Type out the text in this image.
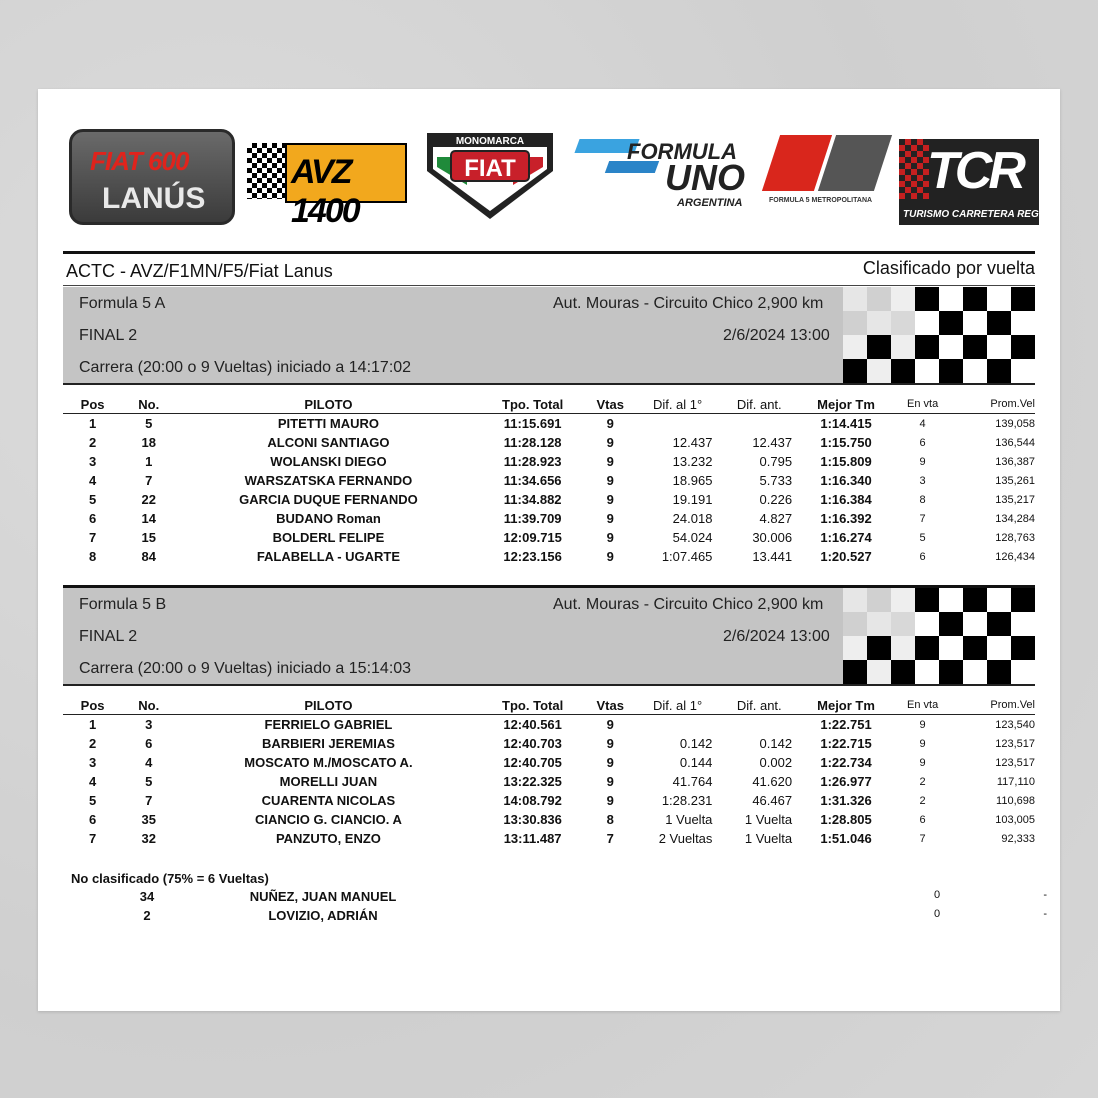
FIAT 600
LANÚS
AVZ 1400
MONOMARCA
FIAT
FORMULA
UNO
ARGENTINA	FORMULA 5 METROPOLITANA
TCR
TURISMO CARRETERA REGION
ACTC - AVZ/F1MN/F5/Fiat Lanus	Clasificado por vuelta
Formula 5 A
FINAL 2
Carrera (20:00 o 9 Vueltas) iniciado a 14:17:02
Aut. Mouras - Circuito Chico 2,900 km
2/6/2024 13:00
Pos	No.	PILOTO	Tpo. Total	Vtas	Dif. al 1°	Dif. ant.	Mejor Tm	En vta	Prom.Vel
1	5	PITETTI MAURO	11:15.691	9			1:14.415	4	139,058
2	18	ALCONI SANTIAGO	11:28.128	9	12.437	12.437	1:15.750	6	136,544
3	1	WOLANSKI DIEGO	11:28.923	9	13.232	0.795	1:15.809	9	136,387
4	7	WARSZATSKA FERNANDO	11:34.656	9	18.965	5.733	1:16.340	3	135,261
5	22	GARCIA DUQUE FERNANDO	11:34.882	9	19.191	0.226	1:16.384	8	135,217
6	14	BUDANO Roman	11:39.709	9	24.018	4.827	1:16.392	7	134,284
7	15	BOLDERL FELIPE	12:09.715	9	54.024	30.006	1:16.274	5	128,763
8	84	FALABELLA - UGARTE	12:23.156	9	1:07.465	13.441	1:20.527	6	126,434
Formula 5 B
FINAL 2
Carrera (20:00 o 9 Vueltas) iniciado a 15:14:03
Aut. Mouras - Circuito Chico 2,900 km
2/6/2024 13:00
Pos	No.	PILOTO	Tpo. Total	Vtas	Dif. al 1°	Dif. ant.	Mejor Tm	En vta	Prom.Vel
1	3	FERRIELO GABRIEL	12:40.561	9			1:22.751	9	123,540
2	6	BARBIERI JEREMIAS	12:40.703	9	0.142	0.142	1:22.715	9	123,517
3	4	MOSCATO M./MOSCATO A.	12:40.705	9	0.144	0.002	1:22.734	9	123,517
4	5	MORELLI JUAN	13:22.325	9	41.764	41.620	1:26.977	2	117,110
5	7	CUARENTA NICOLAS	14:08.792	9	1:28.231	46.467	1:31.326	2	110,698
6	35	CIANCIO G. CIANCIO. A	13:30.836	8	1 Vuelta	1 Vuelta	1:28.805	6	103,005
7	32	PANZUTO, ENZO	13:11.487	7	2 Vueltas	1 Vuelta	1:51.046	7	92,333
No clasificado (75% = 6 Vueltas)
34	NUÑEZ, JUAN MANUEL	0	-
2	LOVIZIO, ADRIÁN	0	-
